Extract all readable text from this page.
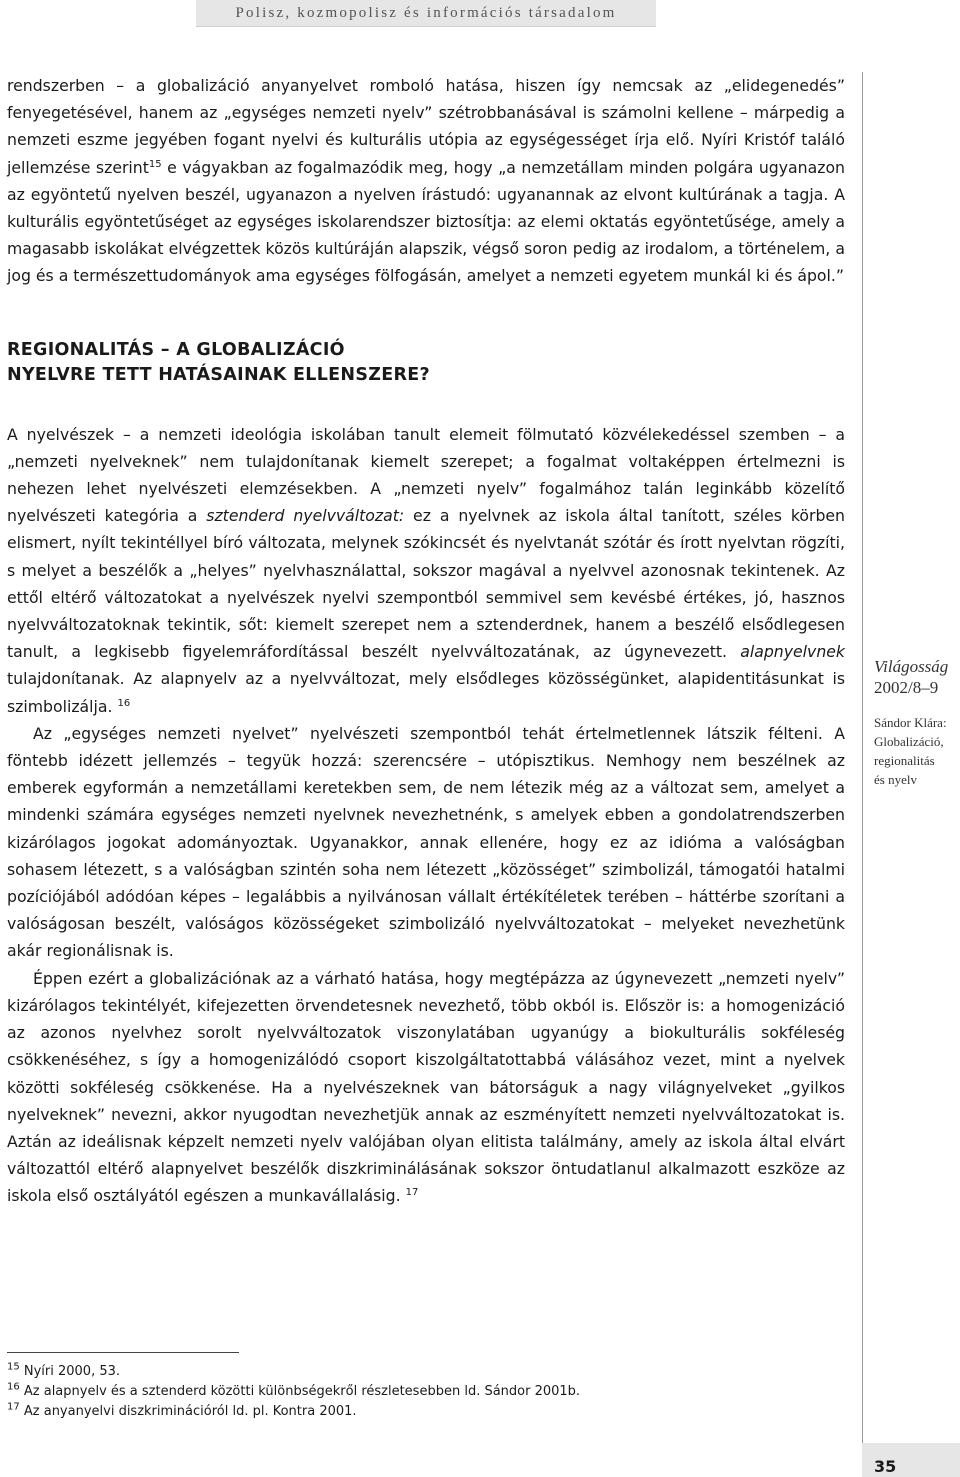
Polisz, kozmopolisz és információs társadalom

rendszerben – a globalizáció anyanyelvet romboló hatása, hiszen így nemcsak az „elidegenedés” fenyegetésével, hanem az „egységes nemzeti nyelv” szétrobbanásával is számolni kellene – márpedig a nemzeti eszme jegyében fogant nyelvi és kulturális utópia az egységességet írja elő. Nyíri Kristóf találó jellemzése szerint$^{15}$ e vágyakban az fogalmazódik meg, hogy „a nemzetállam minden polgára ugyanazon az egyöntetű nyelven beszél, ugyanazon a nyelven írástudó: ugyanannak az elvont kultúrának a tagja. A kulturális egyöntetűséget az egységes iskolarendszer biztosítja: az elemi oktatás egyöntetűsége, amely a magasabb iskolákat elvégzettek közös kultúráján alapszik, végső soron pedig az irodalom, a történelem, a jog és a természettudományok ama egységes fölfogásán, amelyet a nemzeti egyetem munkál ki és ápol.”

REGIONALITÁS – A GLOBALIZÁCIÓ
NYELVRE TETT HATÁSAINAK ELLENSZERE?

A nyelvészek – a nemzeti ideológia iskolában tanult elemeit fölmutató közvélekedéssel szemben – a „nemzeti nyelveknek” nem tulajdonítanak kiemelt szerepet; a fogalmat voltaképpen értelmezni is nehezen lehet nyelvészeti elemzésekben. A „nemzeti nyelv” fogalmához talán leginkább közelítő nyelvészeti kategória a sztenderd nyelvváltozat: ez a nyelvnek az iskola által tanított, széles körben elismert, nyílt tekintéllyel bíró változata, melynek szókincsét és nyelvtanát szótár és írott nyelvtan rögzíti, s melyet a beszélők a „helyes” nyelvhasználattal, sokszor magával a nyelvvel azonosnak tekintenek. Az ettől eltérő változatokat a nyelvészek nyelvi szempontból semmivel sem kevésbé értékes, jó, hasznos nyelvváltozatoknak tekintik, sőt: kiemelt szerepet nem a sztenderdnek, hanem a beszélő elsődlegesen tanult, a legkisebb figyelemráfordítással beszélt nyelvváltozatának, az úgynevezett. alapnyelvnek tulajdonítanak. Az alapnyelv az a nyelvváltozat, mely elsődleges közösségünket, alapidentitásunkat is szimbolizálja. $^{16}$

Az „egységes nemzeti nyelvet” nyelvészeti szempontból tehát értelmetlennek látszik félteni. A föntebb idézett jellemzés – tegyük hozzá: szerencsére – utópisztikus. Nemhogy nem beszélnek az emberek egyformán a nemzetállami keretekben sem, de nem létezik még az a változat sem, amelyet a mindenki számára egységes nemzeti nyelvnek nevezhetnénk, s amelyek ebben a gondolatrendszerben kizárólagos jogokat adományoztak. Ugyanakkor, annak ellenére, hogy ez az idióma a valóságban sohasem létezett, s a valóságban szintén soha nem létezett „közösséget” szimbolizál, támogatói hatalmi pozíciójából adódóan képes – legalábbis a nyilvánosan vállalt értékítéletek terében – háttérbe szorítani a valóságosan beszélt, valóságos közösségeket szimbolizáló nyelvváltozatokat – melyeket nevezhetünk akár regionálisnak is.

Éppen ezért a globalizációnak az a várható hatása, hogy megtépázza az úgynevezett „nemzeti nyelv” kizárólagos tekintélyét, kifejezetten örvendetesnek nevezhető, több okból is. Először is: a homogenizáció az azonos nyelvhez sorolt nyelvváltozatok viszonylatában ugyanúgy a biokulturális sokféleség csökkenéséhez, s így a homogenizálódó csoport kiszolgáltatottabbá válásához vezet, mint a nyelvek közötti sokféleség csökkenése. Ha a nyelvészeknek van bátorságuk a nagy világnyelveket „gyilkos nyelveknek” nevezni, akkor nyugodtan nevezhetjük annak az eszményített nemzeti nyelvváltozatokat is. Aztán az ideálisnak képzelt nemzeti nyelv valójában olyan elitista találmány, amely az iskola által elvárt változattól eltérő alapnyelvet beszélők diszkriminálásának sokszor öntudatlanul alkalmazott eszköze az iskola első osztályától egészen a munkavállalásig. $^{17}$

Világosság
2002/8–9
Sándor Klára:
Globalizáció,
regionalitás
és nyelv
$^{15}$ Nyíri 2000, 53.
$^{16}$ Az alapnyelv és a sztenderd közötti különbségekről részletesebben ld. Sándor 2001b.
$^{17}$ Az anyanyelvi diszkriminációról ld. pl. Kontra 2001.
35
